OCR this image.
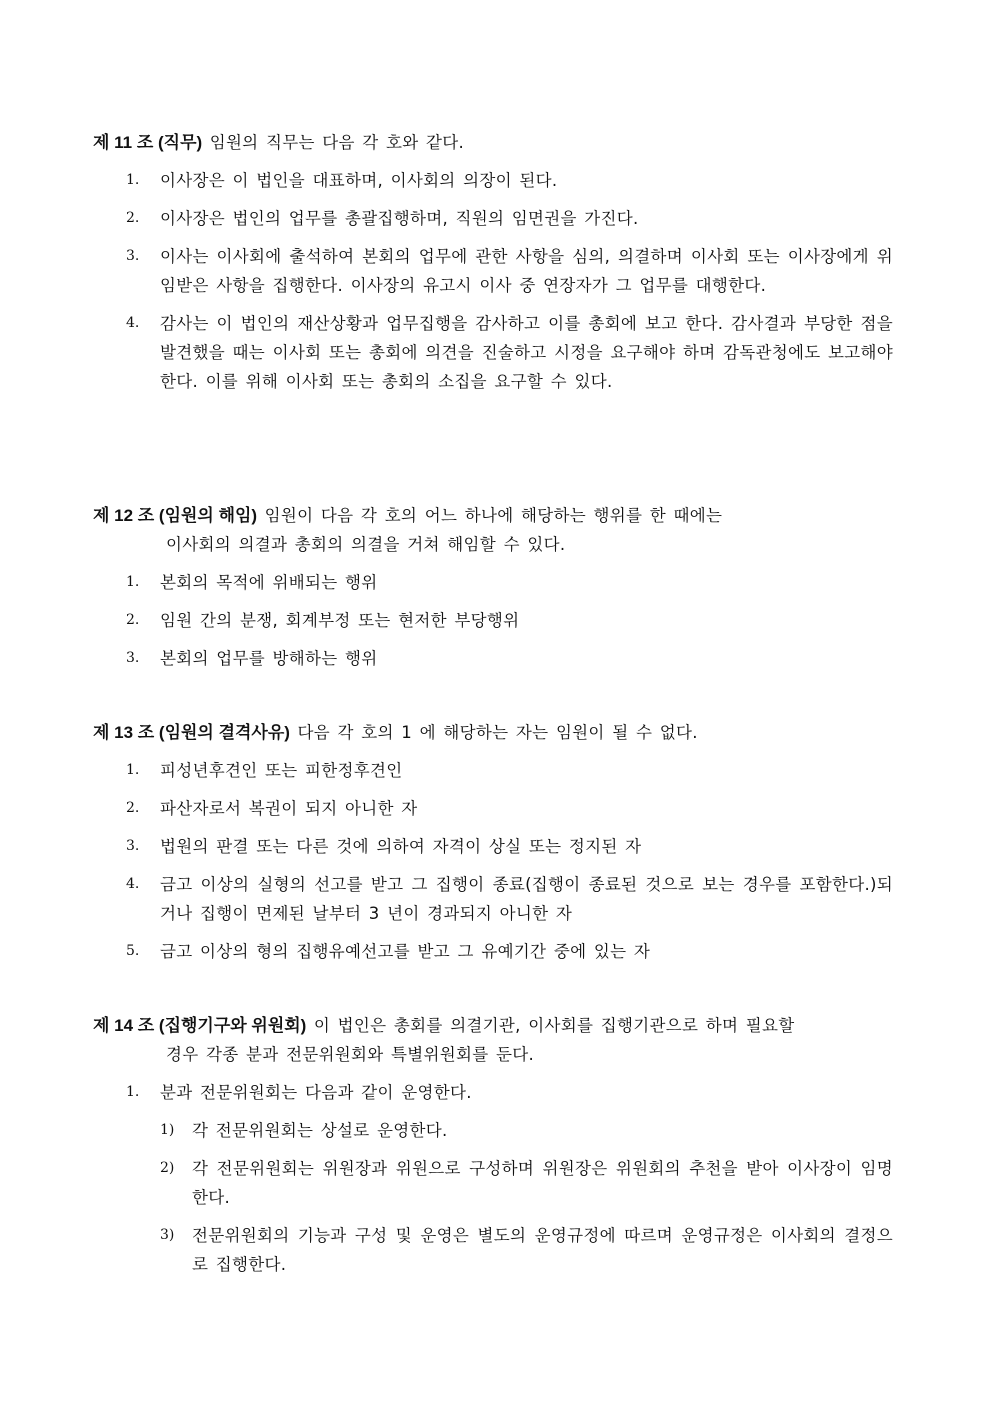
제 11 조 (직무) 임원의 직무는 다음 각 호와 같다.
1. 이사장은 이 법인을 대표하며, 이사회의 의장이 된다.
2. 이사장은 법인의 업무를 총괄집행하며, 직원의 임면권을 가진다.
3. 이사는 이사회에 출석하여 본회의 업무에 관한 사항을 심의, 의결하며 이사회 또는 이사장에게 위임받은 사항을 집행한다. 이사장의 유고시 이사 중 연장자가 그 업무를 대행한다.
4. 감사는 이 법인의 재산상황과 업무집행을 감사하고 이를 총회에 보고 한다. 감사결과 부당한 점을 발견했을 때는 이사회 또는 총회에 의견을 진술하고 시정을 요구해야 하며 감독관청에도 보고해야 한다. 이를 위해 이사회 또는 총회의 소집을 요구할 수 있다.
제 12 조 (임원의 해임) 임원이 다음 각 호의 어느 하나에 해당하는 행위를 한 때에는
이사회의 의결과 총회의 의결을 거쳐 해임할 수 있다.
1. 본회의 목적에 위배되는 행위
2. 임원 간의 분쟁, 회계부정 또는 현저한 부당행위
3. 본회의 업무를 방해하는 행위
제 13 조 (임원의 결격사유) 다음 각 호의 1 에 해당하는 자는 임원이 될 수 없다.
1. 피성년후견인 또는 피한정후견인
2. 파산자로서 복권이 되지 아니한 자
3. 법원의 판결 또는 다른 것에 의하여 자격이 상실 또는 정지된 자
4. 금고 이상의 실형의 선고를 받고 그 집행이 종료(집행이 종료된 것으로 보는 경우를 포함한다.)되거나 집행이 면제된 날부터 3 년이 경과되지 아니한 자
5. 금고 이상의 형의 집행유예선고를 받고 그 유예기간 중에 있는 자
제 14 조 (집행기구와 위원회) 이 법인은 총회를 의결기관, 이사회를 집행기관으로 하며 필요할
경우 각종 분과 전문위원회와 특별위원회를 둔다.
1. 분과 전문위원회는 다음과 같이 운영한다.
1) 각 전문위원회는 상설로 운영한다.
2) 각 전문위원회는 위원장과 위원으로 구성하며 위원장은 위원회의 추천을 받아 이사장이 임명한다.
3) 전문위원회의 기능과 구성 및 운영은 별도의 운영규정에 따르며 운영규정은 이사회의 결정으로 집행한다.
